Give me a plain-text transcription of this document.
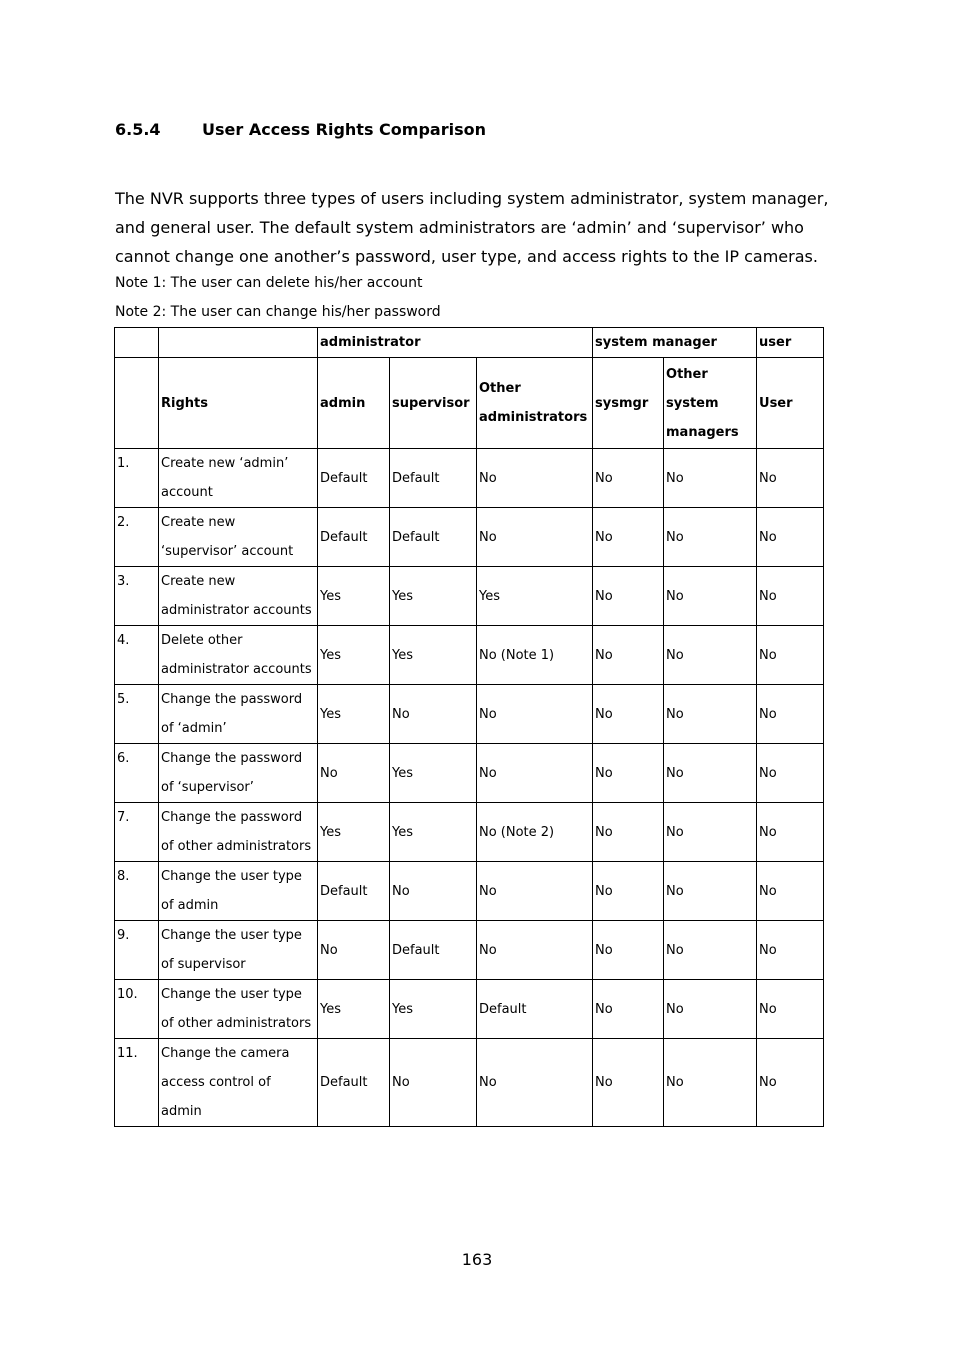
6.5.4	User Access Rights Comparison

The NVR supports three types of users including system administrator, system manager, and general user. The default system administrators are ‘admin’ and ‘supervisor’ who cannot change one another’s password, user type, and access rights to the IP cameras.

Note 1: The user can delete his/her account
Note 2: The user can change his/her password
		administrator			system manager		user
	Rights	admin	supervisor	Other administrators	sysmgr	Other system managers	User
1.	Create new ‘admin’ account	Default	Default	No	No	No	No
2.	Create new ‘supervisor’ account	Default	Default	No	No	No	No
3.	Create new administrator accounts	Yes	Yes	Yes	No	No	No
4.	Delete other administrator accounts	Yes	Yes	No (Note 1)	No	No	No
5.	Change the password of ‘admin’	Yes	No	No	No	No	No
6.	Change the password of ‘supervisor’	No	Yes	No	No	No	No
7.	Change the password of other administrators	Yes	Yes	No (Note 2)	No	No	No
8.	Change the user type of admin	Default	No	No	No	No	No
9.	Change the user type of supervisor	No	Default	No	No	No	No
10.	Change the user type of other administrators	Yes	Yes	Default	No	No	No
11.	Change the camera access control of admin	Default	No	No	No	No	No
163
